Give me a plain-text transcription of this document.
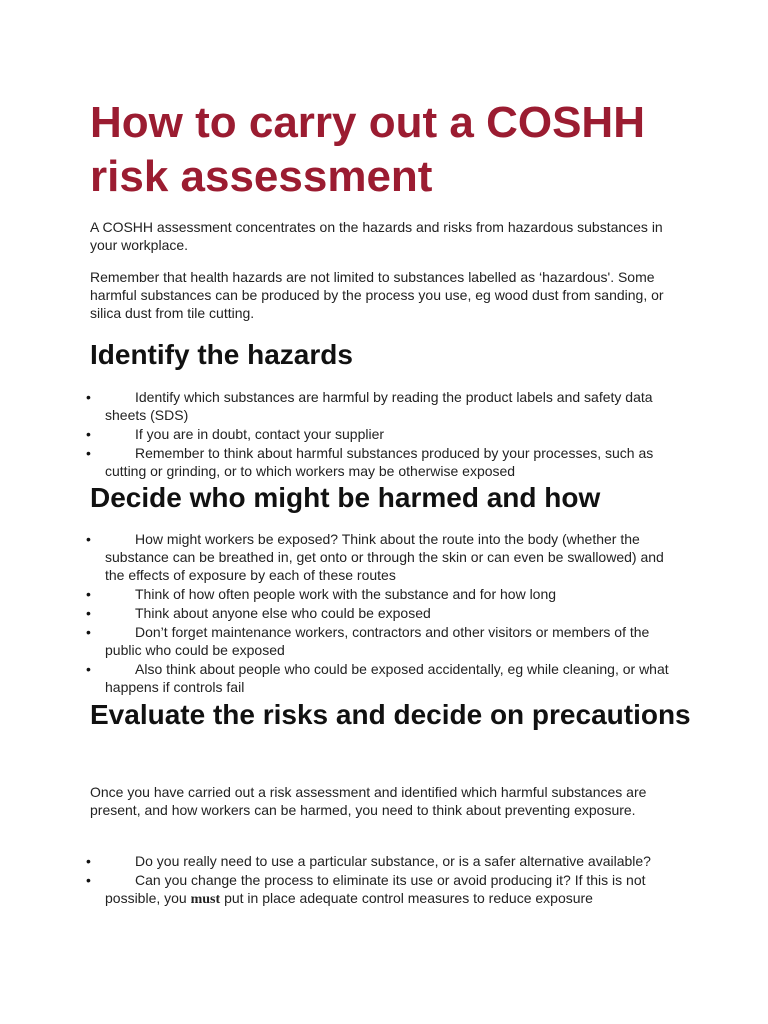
How to carry out a COSHH risk assessment

A COSHH assessment concentrates on the hazards and risks from hazardous substances in your workplace.

Remember that health hazards are not limited to substances labelled as ‘hazardous'. Some harmful substances can be produced by the process you use, eg wood dust from sanding, or silica dust from tile cutting.

Identify the hazards
• Identify which substances are harmful by reading the product labels and safety data sheets (SDS)
• If you are in doubt, contact your supplier
• Remember to think about harmful substances produced by your processes, such as cutting or grinding, or to which workers may be otherwise exposed
Decide who might be harmed and how
• How might workers be exposed? Think about the route into the body (whether the substance can be breathed in, get onto or through the skin or can even be swallowed) and the effects of exposure by each of these routes
• Think of how often people work with the substance and for how long
• Think about anyone else who could be exposed
• Don’t forget maintenance workers, contractors and other visitors or members of the public who could be exposed
• Also think about people who could be exposed accidentally, eg while cleaning, or what happens if controls fail
Evaluate the risks and decide on precautions

Once you have carried out a risk assessment and identified which harmful substances are present, and how workers can be harmed, you need to think about preventing exposure.

• Do you really need to use a particular substance, or is a safer alternative available?
• Can you change the process to eliminate its use or avoid producing it? If this is not possible, you must put in place adequate control measures to reduce exposure
